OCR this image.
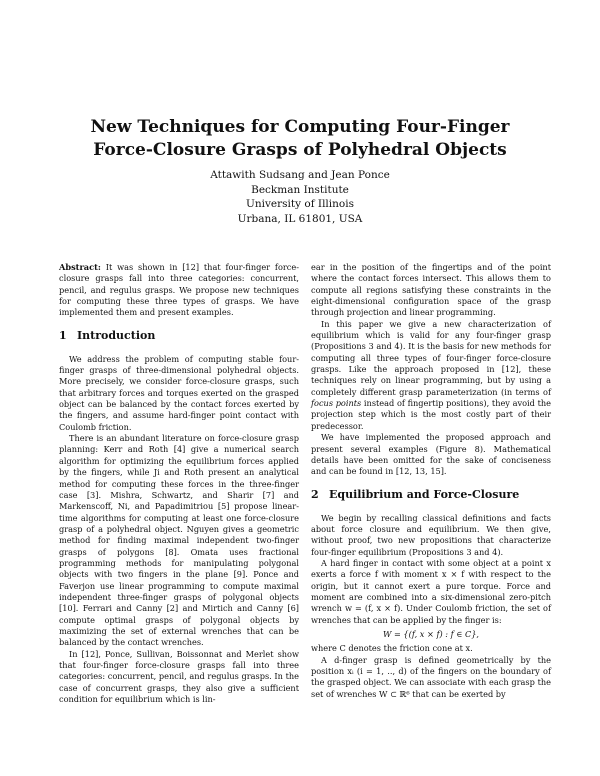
New Techniques for Computing Four-Finger
Force-Closure Grasps of Polyhedral Objects
Attawith Sudsang and Jean Ponce
Beckman Institute
University of Illinois
Urbana, IL 61801, USA

Abstract: It was shown in [12] that four-finger force-closure grasps fall into three categories: concurrent, pencil, and regulus grasps. We propose new techniques for computing these three types of grasps. We have implemented them and present examples.

1 Introduction

We address the problem of computing stable four-finger grasps of three-dimensional polyhedral objects. More precisely, we consider force-closure grasps, such that arbitrary forces and torques exerted on the grasped object can be balanced by the contact forces exerted by the fingers, and assume hard-finger point contact with Coulomb friction.

There is an abundant literature on force-closure grasp planning: Kerr and Roth [4] give a numerical search algorithm for optimizing the equilibrium forces applied by the fingers, while Ji and Roth present an analytical method for computing these forces in the three-finger case [3]. Mishra, Schwartz, and Sharir [7] and Markenscoff, Ni, and Papadimitriou [5] propose linear-time algorithms for computing at least one force-closure grasp of a polyhedral object. Nguyen gives a geometric method for finding maximal independent two-finger grasps of polygons [8]. Omata uses fractional programming methods for manipulating polygonal objects with two fingers in the plane [9]. Ponce and Faverjon use linear programming to compute maximal independent three-finger grasps of polygonal objects [10]. Ferrari and Canny [2] and Mirtich and Canny [6] compute optimal grasps of polygonal objects by maximizing the set of external wrenches that can be balanced by the contact wrenches.

In [12], Ponce, Sullivan, Boissonnat and Merlet show that four-finger force-closure grasps fall into three categories: concurrent, pencil, and regulus grasps. In the case of concurrent grasps, they also give a sufficient condition for equilibrium which is lin-

ear in the position of the fingertips and of the point where the contact forces intersect. This allows them to compute all regions satisfying these constraints in the eight-dimensional configuration space of the grasp through projection and linear programming.

In this paper we give a new characterization of equilibrium which is valid for any four-finger grasp (Propositions 3 and 4). It is the basis for new methods for computing all three types of four-finger force-closure grasps. Like the approach proposed in [12], these techniques rely on linear programming, but by using a completely different grasp parameterization (in terms of focus points instead of fingertip positions), they avoid the projection step which is the most costly part of their predecessor.

We have implemented the proposed approach and present several examples (Figure 8). Mathematical details have been omitted for the sake of conciseness and can be found in [12, 13, 15].

2 Equilibrium and Force-Closure

We begin by recalling classical definitions and facts about force closure and equilibrium. We then give, without proof, two new propositions that characterize four-finger equilibrium (Propositions 3 and 4).

A hard finger in contact with some object at a point x exerts a force f with moment x × f with respect to the origin, but it cannot exert a pure torque. Force and moment are combined into a six-dimensional zero-pitch wrench w = (f, x × f). Under Coulomb friction, the set of wrenches that can be applied by the finger is:

W = {(f, x × f) : f ∈ C},

where C denotes the friction cone at x.

A d-finger grasp is defined geometrically by the position xᵢ (i = 1, .., d) of the fingers on the boundary of the grasped object. We can associate with each grasp the set of wrenches W ⊂ ℝ⁶ that can be exerted by
